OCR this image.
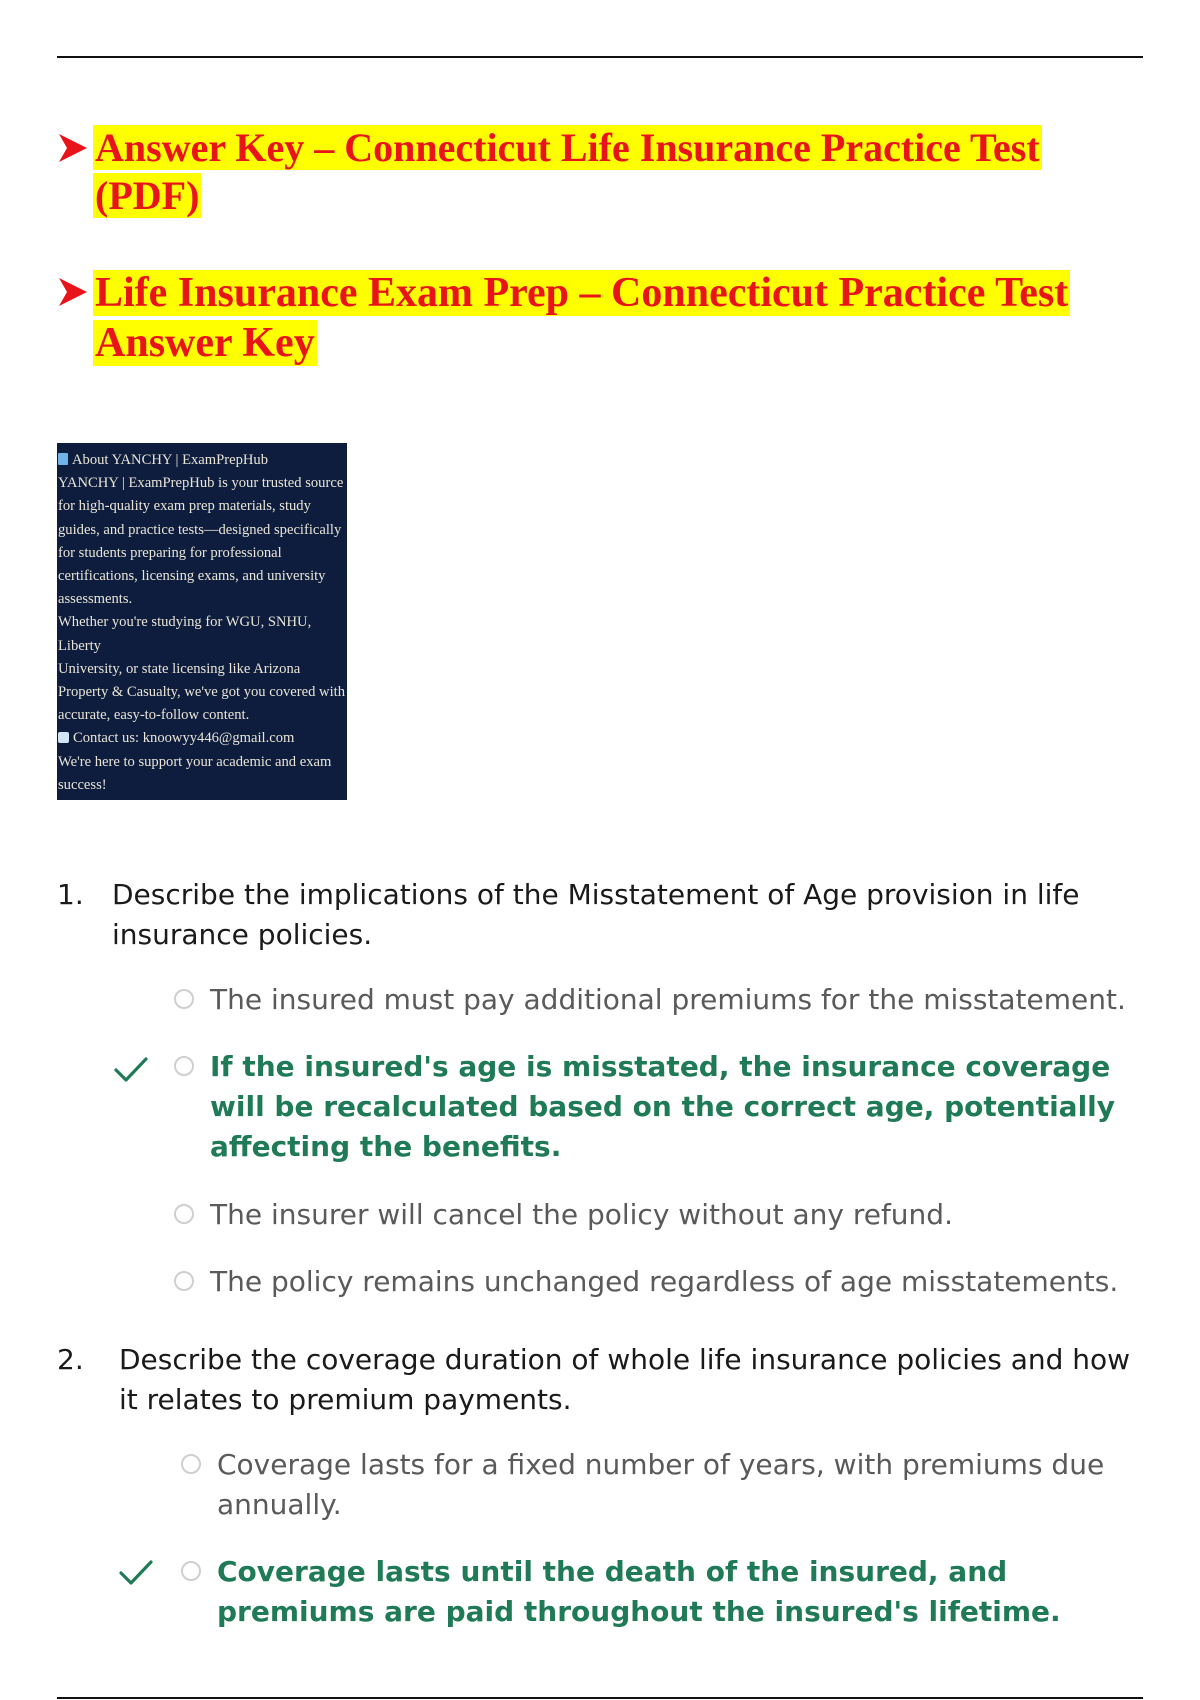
Answer Key – Connecticut Life Insurance Practice Test (PDF)
Life Insurance Exam Prep – Connecticut Practice Test Answer Key

About YANCHY | ExamPrepHub

YANCHY | ExamPrepHub is your trusted source

for high-quality exam prep materials, study

guides, and practice tests—designed specifically

for students preparing for professional

certifications, licensing exams, and university

assessments.

Whether you're studying for WGU, SNHU, Liberty

University, or state licensing like Arizona

Property & Casualty, we've got you covered with

accurate, easy-to-follow content.

Contact us: knoowyy446@gmail.com

We're here to support your academic and exam

success!

1. Describe the implications of the Misstatement of Age provision in life insurance policies.
The insured must pay additional premiums for the misstatement.
If the insured's age is misstated, the insurance coverage will be recalculated based on the correct age, potentially affecting the benefits.
The insurer will cancel the policy without any refund.
The policy remains unchanged regardless of age misstatements.
2. Describe the coverage duration of whole life insurance policies and how it relates to premium payments.
Coverage lasts for a fixed number of years, with premiums due annually.
Coverage lasts until the death of the insured, and premiums are paid throughout the insured's lifetime.
